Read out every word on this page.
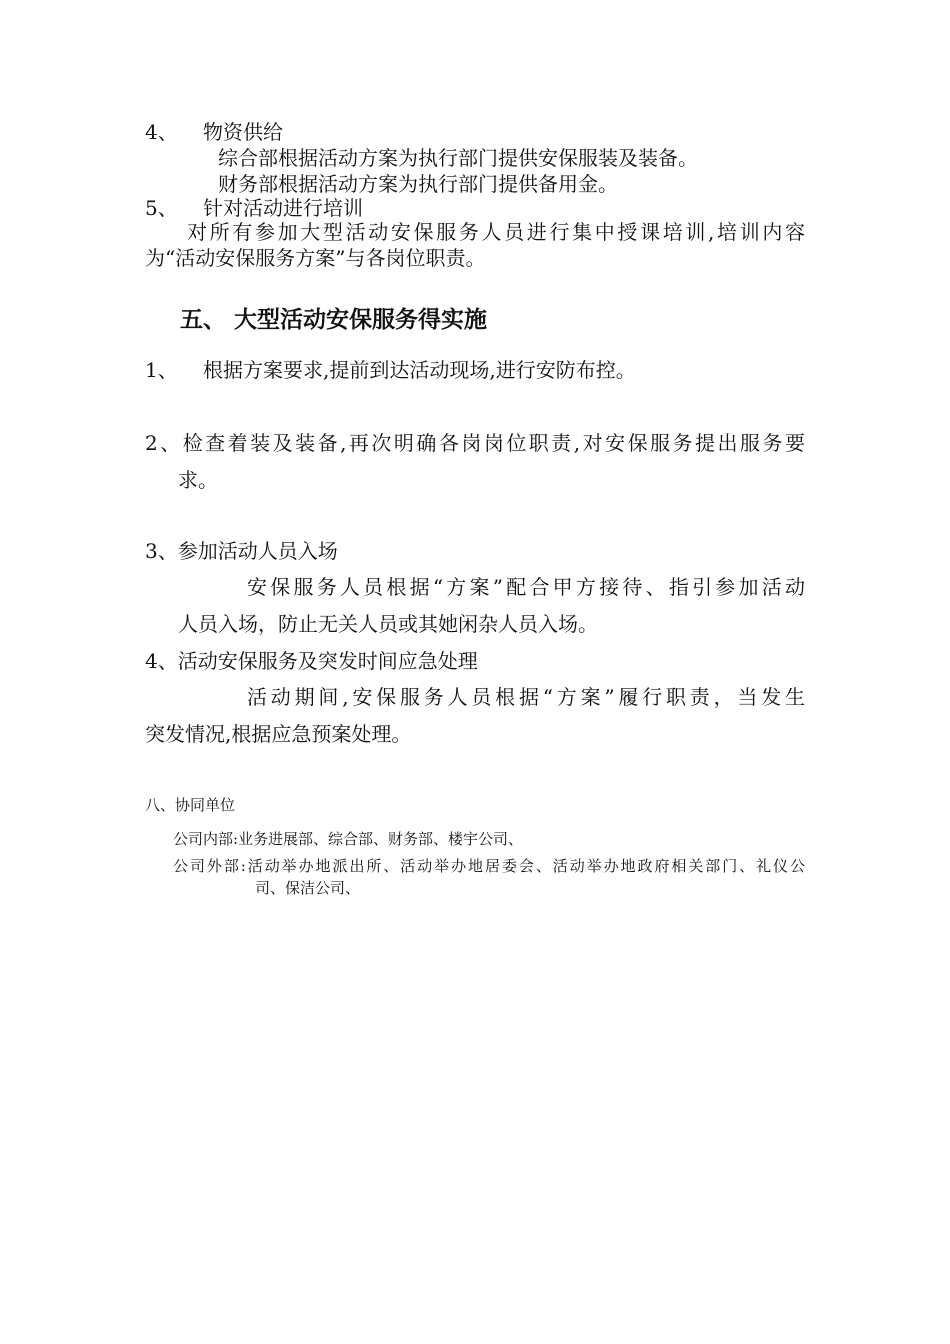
4、 物资供给

综合部根据活动方案为执行部门提供安保服装及装备。

财务部根据活动方案为执行部门提供备用金。

5、 针对活动进行培训

对所有参加大型活动安保服务人员进行集中授课培训,培训内容

为“活动安保服务方案”与各岗位职责。

五、 大型活动安保服务得实施

1、 根据方案要求,提前到达活动现场,进行安防布控。

2、检查着装及装备,再次明确各岗岗位职责,对安保服务提出服务要

求。

3、参加活动人员入场

安保服务人员根据“方案”配合甲方接待、指引参加活动

人员入场，防止无关人员或其她闲杂人员入场。

4、活动安保服务及突发时间应急处理

活动期间,安保服务人员根据“方案”履行职责，当发生

突发情况,根据应急预案处理。

八、协同单位

公司内部:业务进展部、综合部、财务部、楼宇公司、

公司外部:活动举办地派出所、活动举办地居委会、活动举办地政府相关部门、礼仪公

司、保洁公司、
